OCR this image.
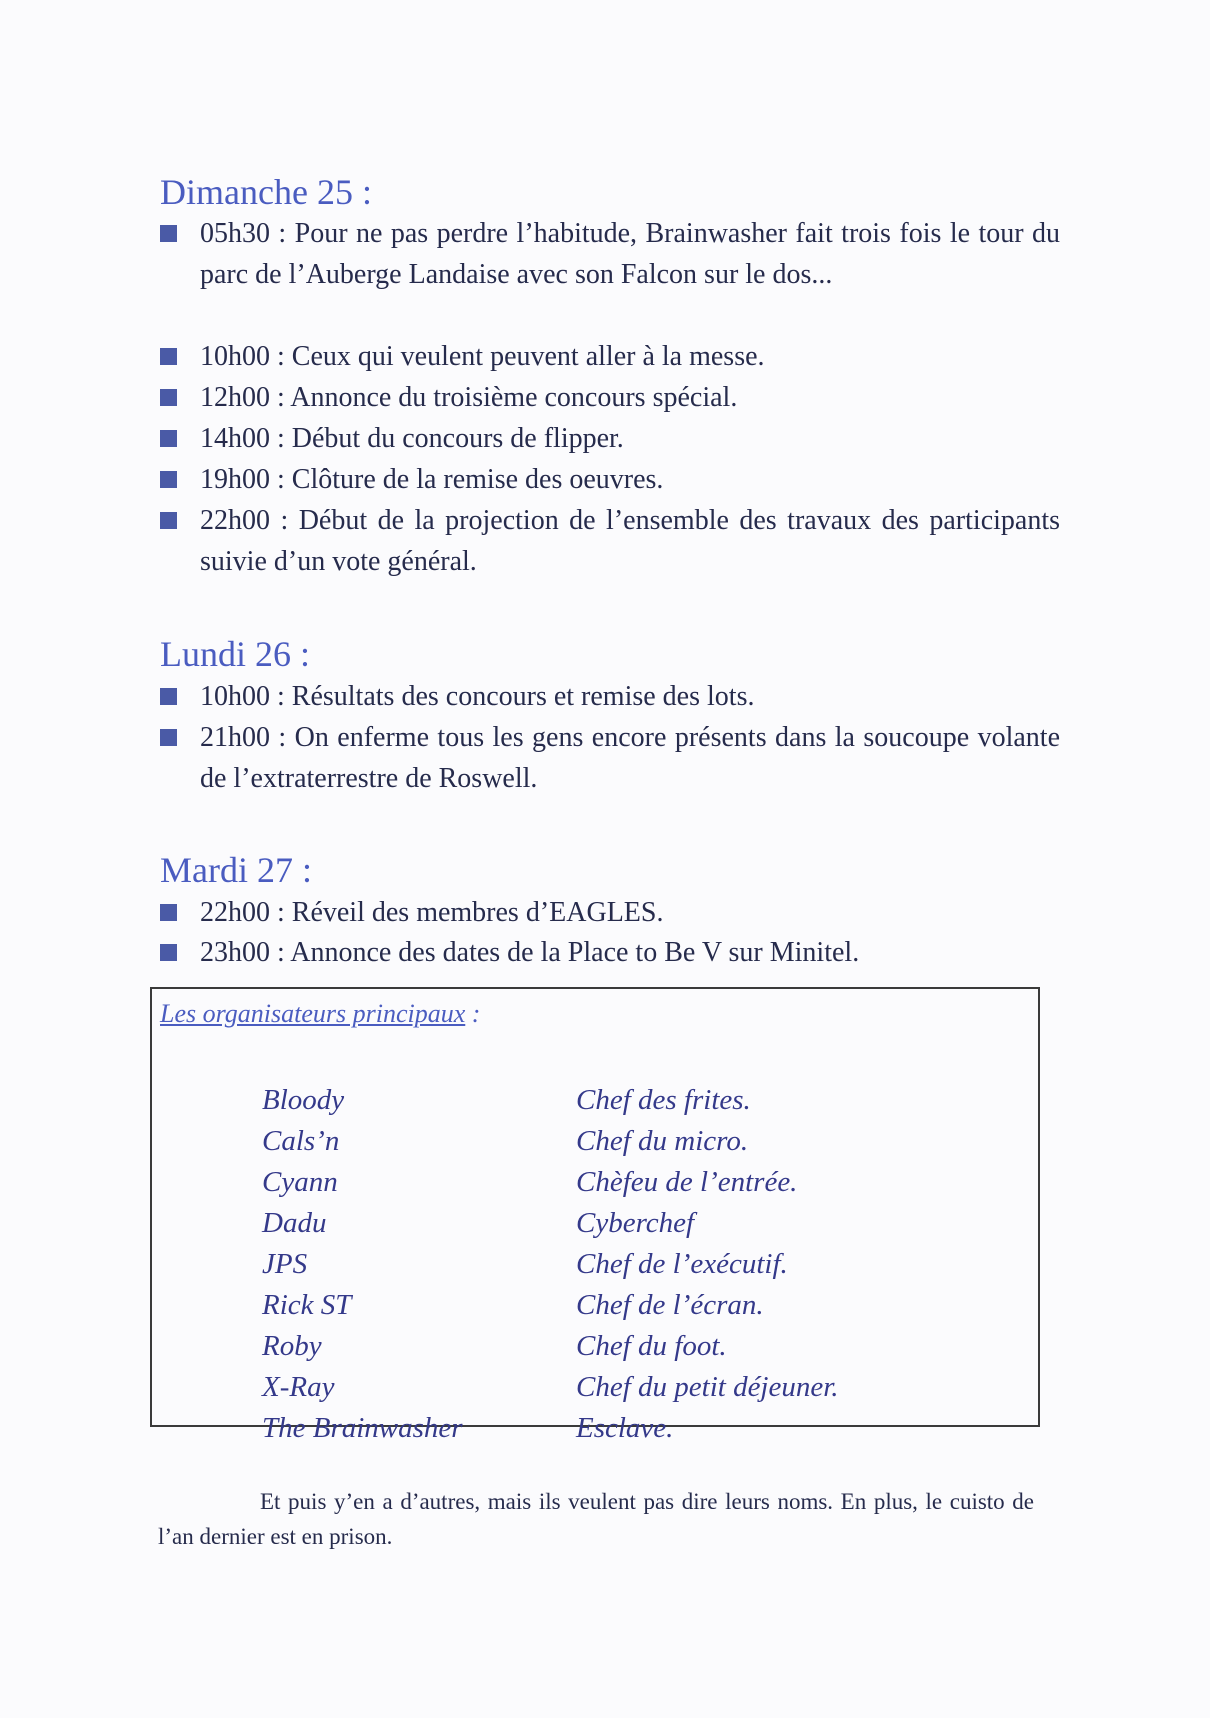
Dimanche 25 :
05h30 : Pour ne pas perdre l’habitude, Brainwasher fait trois fois le tour du parc de l’Auberge Landaise avec son Falcon sur le dos...
10h00 : Ceux qui veulent peuvent aller à la messe.
12h00 : Annonce du troisième concours spécial.
14h00 : Début du concours de flipper.
19h00 : Clôture de la remise des oeuvres.
22h00 : Début de la projection de l’ensemble des travaux des participants suivie d’un vote général.
Lundi 26 :
10h00 : Résultats des concours et remise des lots.
21h00 : On enferme tous les gens encore présents dans la soucoupe volante de l’extraterrestre de Roswell.
Mardi 27 :
22h00 : Réveil des membres d’EAGLES.
23h00 : Annonce des dates de la Place to Be V sur Minitel.
Les organisateurs principaux :
Bloody	Chef des frites.
Cals’n	Chef du micro.
Cyann	Chèfeu de l’entrée.
Dadu	Cyberchef
JPS	Chef de l’exécutif.
Rick ST	Chef de l’écran.
Roby	Chef du foot.
X-Ray	Chef du petit déjeuner.
The Brainwasher	Esclave.
Et puis y’en a d’autres, mais ils veulent pas dire leurs noms. En plus, le cuisto de l’an dernier est en prison.
